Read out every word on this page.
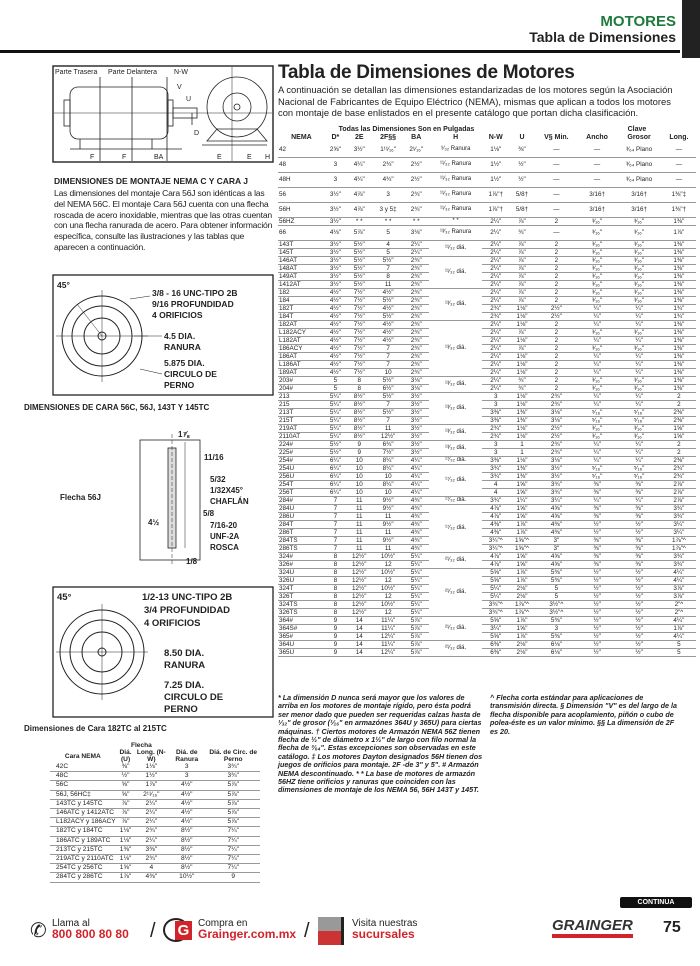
MOTORES
Tabla de Dimensiones
Parte Trasera Parte Delantera N-W
V
U
D
F	F	BA	E	E H
DIMENSIONES DE MONTAJE NEMA C Y CARA J
Las dimensiones del montaje Cara 56J son idénticas a las del NEMA 56C. El montaje Cara 56J cuenta con una flecha roscada de acero inoxidable, mientras que las otras cuentan con una flecha ranurada de acero. Para obtener información específica, consulte las ilustraciones y las tablas que aparecen a continuación.
45°
3/8 - 16 UNC-TIPO 2B
9/16 PROFUNDIDAD
4 ORIFICIOS
4.5 DIA.
RANURA
5.875 DIA.
CIRCULO DE
PERNO
DIMENSIONES DE CARA 56C, 56J, 143T Y 145TC
Flecha 56J
1⅞
11/16
5/32
1/32X45°
CHAFLÁN
5/8
4½	7/16-20
UNF-2A
ROSCA
1/8
45°	1/2-13 UNC-TIPO 2B
3/4 PROFUNDIDAD
4 ORIFICIOS
8.50 DIA.
RANURA
7.25 DIA.
CIRCULO DE
PERNO
Dimensiones de Cara 182TC al 215TC
	Flecha			
Cara NEMA	Diá. (U)	Long. (N-W)	Diá. de Ranura	Diá. de Circ. de Perno
42C	⅜"	1⅛"	3	3¾"
48C	½"	1½"	3	3¾"
56C	⅝"	1⅞"	4½"	5⅞"
56J, 56HC‡	⅝"	2¹¹⁄₁₆"	4½"	5⅞"
143TC y 145TC	⅞"	2¼"	4½"	5⅞"
146ATC y 1412ATC	⅞"	2¼"	4½"	5⅞"
L182ACY y 186ACY	⅞"	2¼"	4½"	5⅞"
182TC y 184TC	1⅛"	2¾"	8½"	7¼"
186ATC y 189ATC	1⅛"	2¼"	8½"	7¼"
213TC y 215TC	1⅜"	3⅜"	8½"	7¼"
219ATC y 2110ATC	1⅛"	2¾"	8½"	7¼"
254TC y 256TC	1⅝"	4	8½"	7¼"
284TC y 286TC	1⅞"	4⅜"	10½"	9
Tabla de Dimensiones de Motores
A continuación se detallan las dimensiones estandarizadas de los motores según la Asociación Nacional de Fabricantes de Equipo Eléctrico (NEMA), mismas que aplican a todos los motores con montaje de base enlistados en el presente catálogo que portan dicha clasificación.
Todas las Dimensiones Son en Pulgadas									Clave		
NEMA	D*	2E	2F§§	BA	H	N-W	U	V§ Min.	Ancho	Grosor	Long.
42	2⅝"	3½"	1¹¹⁄₁₆"	2¹⁄₁₆"	⁹⁄₃₂ Ranura	1⅛"	⅜"	—	—	³⁄₆₄ Plano	—
48	3	4¼"	2¾"	2½"	¹¹⁄₃₂ Ranura	1½"	½"	—	—	³⁄₆₄ Plano	—
48H	3	4¼"	4¾"	2½"	¹¹⁄₃₂ Ranura	1½"	½"	—	—	³⁄₆₄ Plano	—
56	3½"	4⅞"	3	2¾"	¹¹⁄₃₂ Ranura	1⅞"†	5/8†	—	3/16†	3/16†	1⅜"‡
56H	3½"	4⅞"	3 y 5‡	2¾"	¹¹⁄₃₂ Ranura	1⅞"†	5/8†	—	3/16†	3/16†	1⅜"†
56HZ	3½"	* *	* *	* *	* *	2¼"	⅞"	2	³⁄₁₆"	³⁄₁₆"	1⅜"
66	4⅛"	5⅞"	5	3⅛"	¹³⁄₃₂ Ranura	2¼"	¾"	—	³⁄₁₆"	³⁄₁₆"	1⅞"
143T	3½"	5½"	4	2¼"	¹¹⁄₃₂ diá.	2¼"	⅞"	2	³⁄₁₆"	³⁄₁₆"	1⅜"
145T	3½"	5½"	5	2¼"		2¼"	⅞"	2	³⁄₁₆"	³⁄₁₆"	1⅜"
146AT	3½"	5½"	5½"	2¾"	¹¹⁄₃₂ diá.	2¼"	⅞"	2	³⁄₁₆"	³⁄₁₆"	1⅜"
148AT	3½"	5½"	7	2¾"		2¼"	⅞"	2	³⁄₁₆"	³⁄₁₆"	1⅜"
149AT	3½"	5½"	8	2¾"		2¼"	⅞"	2	³⁄₁₆"	³⁄₁₆"	1⅜"
1412AT	3½"	5½"	11	2¾"		2¼"	⅞"	2	³⁄₁₆"	³⁄₁₆"	1⅜"
182	4½"	7½"	4½"	2¾"	¹³⁄₃₂ diá.	2¼"	⅞"	2	³⁄₁₆"	³⁄₁₆"	1⅜"
184	4½"	7½"	5½"	2¾"		2¼"	⅞"	2	³⁄₁₆"	³⁄₁₆"	1⅜"
182T	4½"	7½"	4½"	2¾"		2¾"	1⅛"	2½"	¼"	¼"	1¾"
184T	4½"	7½"	5½"	2¾"		2¾"	1⅛"	2½"	¼"	¼"	1¾"
182AT	4½"	7½"	4½"	2¾"	¹³⁄₃₂ diá.	2¼"	1⅛"	2	¼"	¼"	1⅜"
L182ACY	4½"	7½"	4½"	2¾"		2¼"	⅞"	2	³⁄₁₆"	³⁄₁₆"	1⅜"
L182AT	4½"	7½"	4½"	2¾"		2¼"	1⅛"	2	¼"	¼"	1⅜"
186ACY	4½"	7½"	7	2¾"		2¼"	⅞"	2	³⁄₁₆"	³⁄₁₆"	1⅜"
186AT	4½"	7½"	7	2¾"		2¼"	1⅛"	2	¼"	¼"	1⅜"
L186AT	4½"	7½"	7	2¾"		2¼"	1⅛"	2	¼"	¼"	1⅜"
189AT	4½"	7½"	10	2¾"		2¼"	1⅛"	2	¼"	¼"	1⅜"
203#	5	8	5½"	3⅛"	¹³⁄₃₂ diá.	2¼"	¾"	2	³⁄₁₆"	³⁄₁₆"	1⅜"
204#	5	8	6½"	3⅛"		2¼"	¾"	2	³⁄₁₆"	³⁄₁₆"	1⅜"
213	5¼"	8½"	5½"	3½"	¹³⁄₃₂ diá.	3	1⅛"	2¾"	¼"	¼"	2
215	5¼"	8½"	7	3½"		3	1⅛"	2¾"	¼"	¼"	2
213T	5¼"	8½"	5½"	3½"		3⅜"	1⅜"	3⅛"	⁵⁄₁₆"	⁵⁄₁₆"	2⅜"
215T	5¼"	8½"	7	3½"		3⅜"	1⅜"	3⅛"	⁵⁄₁₆"	⁵⁄₁₆"	2⅜"
219AT	5¼"	8½"	11	3½"	¹³⁄₃₂ diá.	2¾"	1⅛"	2½"	³⁄₁₆"	³⁄₁₆"	1⅝"
2110AT	5¼"	8½"	12½"	3½"		2¾"	1⅛"	2½"	³⁄₁₆"	³⁄₁₆"	1⅝"
224#	5½"	9	6¾"	3½"	¹³⁄₃₂ diá.	3	1	2¾"	¼"	¼"	2
225#	5½"	9	7½"	3½"		3	1	2¾"	¼"	¼"	2
254#	6¼"	10	8¼"	4¼"	¹⁷⁄₃₂ diá.	3⅜"	1⅛"	3⅛"	¼"	¼"	2⅜"
254U	6¼"	10	8¼"	4¼"	¹⁷⁄₃₂ diá.	3¾"	1⅜"	3½"	⁵⁄₁₆"	⁵⁄₁₆"	2¾"
256U	6¼"	10	10	4¼"		3¾"	1⅜"	3½"	⁵⁄₁₆"	⁵⁄₁₆"	2¾"
254T	6¼"	10	8¼"	4¼"		4	1⅝"	3¾"	⅜"	⅜"	2⅞"
256T	6¼"	10	10	4¼"		4	1⅝"	3¾"	⅜"	⅜"	2⅞"
284#	7	11	9½"	4¾"	¹⁷⁄₃₂ diá.	3¾"	1¼"	3¼"	¼"	¼"	2⅞"
284U	7	11	9½"	4¾"	¹⁷⁄₃₂ diá.	4⅞"	1⅝"	4⅝"	⅜"	⅜"	3¾"
286U	7	11	11	4¾"		4⅞"	1⅝"	4⅝"	⅜"	⅜"	3¾"
284T	7	11	9½"	4¾"		4⅜"	1⅞"	4⅜"	½"	½"	3¼"
286T	7	11	11	4¾"		4⅜"	1⅞"	4⅜"	½"	½"	3¼"
284TS	7	11	9½"	4¾"		3¼"^	1⅝"^	3"	⅜"	⅜"	1⅞"^
286TS	7	11	11	4¾"		3¼"^	1⅝"^	3"	⅜"	⅜"	1⅞"^
324#	8	12½"	10½"	5¼"	²¹⁄₃₂ diá.	4⅞"	1⅝"	4⅝"	⅜"	⅜"	3¾"
326#	8	12½"	12	5¼"		4⅞"	1⅝"	4⅝"	⅜"	⅜"	3¾"
324U	8	12½"	10½"	5¼"	²¹⁄₃₂ diá.	5⅝"	1⅞"	5⅜"	½"	½"	4¼"
326U	8	12½"	12	5¼"		5⅝"	1⅞"	5⅜"	½"	½"	4¼"
324T	8	12½"	10½"	5¼"		5¼"	2⅛"	5	½"	½"	3⅞"
326T	8	12½"	12	5¼"		5¼"	2⅛"	5	½"	½"	3⅞"
324TS	8	12½"	10½"	5¼"		3¾"^	1⅞"^	3½"^	½"	½"	2"^
326TS	8	12½"	12	5¼"		3¾"^	1⅞"^	3½"^	½"	½"	2"^
364#	9	14	11¼"	5⅞"	²¹⁄₃₂ diá.	5⅝"	1⅞"	5⅜"	½"	½"	4¼"
364S#	9	14	11¼"	5⅞"		3¼"	1⅝"	3	½"	½"	1⅞"
365#	9	14	12¼"	5⅞"		5⅝"	1⅞"	5⅜"	½"	½"	4¼"
364U	9	14	11¼"	5⅞"	²¹⁄₃₂ diá.	6⅜"	2⅛"	6⅛"	½"	½"	5
365U	9	14	12¼"	5⅞"		6⅜"	2⅛"	6⅛"	½"	½"	5
* La dimensión D nunca será mayor que los valores de arriba en los motores de montaje rígido, pero ésta podrá ser menor dado que pueden ser requeridas calzas hasta de ¹⁄₃₂" de grosor (¹⁄₁₆" en armazónes 364U y 365U) para ciertas máquinas. † Ciertos motores de Armazón NEMA 56Z tienen flecha de ½" de diámetro x 1½" de largo con filo normal la flecha de ³⁄₆₄". Estas excepciones son observadas en este catálogo. ‡ Los motores Dayton designados 56H tienen dos juegos de orificios para montaje. 2F -de 3" y 5". # Armazón NEMA descontinuado. * * La base de motores de armazón 56HZ tiene orificios y ranuras que coinciden con las dimensiones de montaje de los NEMA 56, 56H 143T y 145T.
^ Flecha corta estándar para aplicaciones de transmisión directa. § Dimensión "V" es del largo de la flecha disponible para acoplamiento, piñón o cubo de polea-éste es un valor mínimo. §§ La dimensión de 2F es 20.
CONTINUA
✆ Llama al
800 800 80 80 / G Compra en
Grainger.com.mx /	Visita nuestras
sucursales	GRAINGER 75
